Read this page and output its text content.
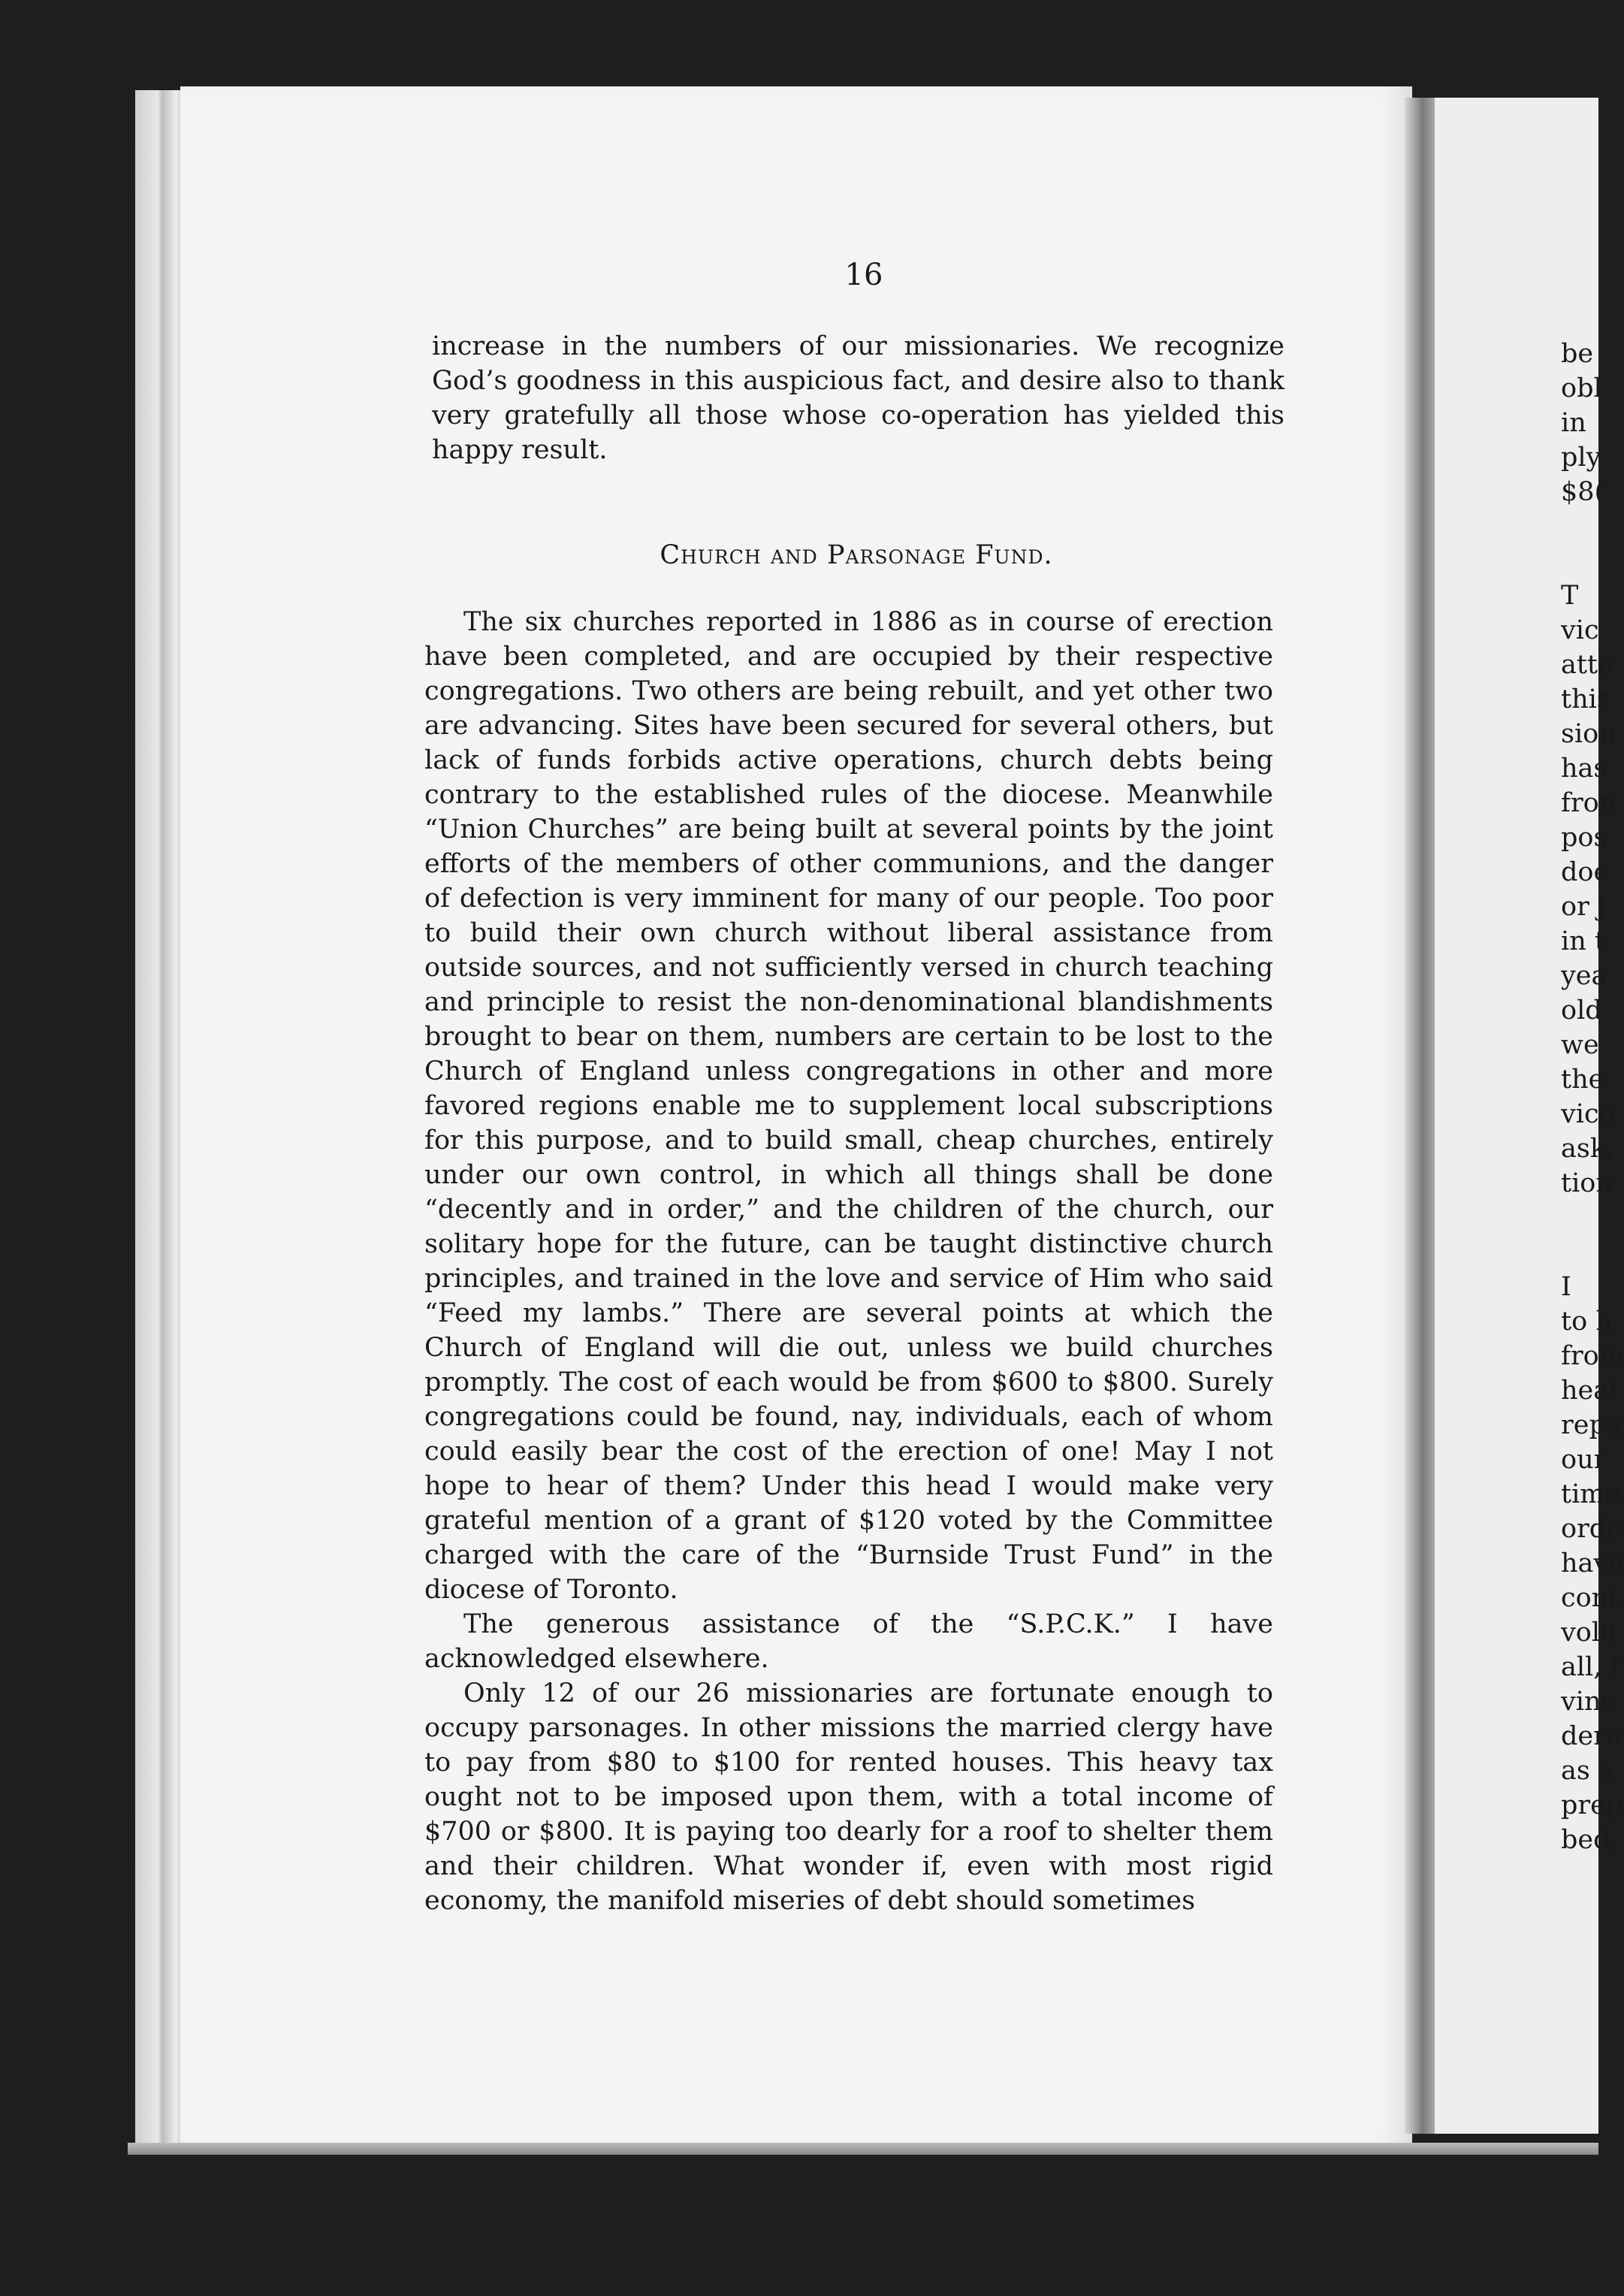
16

increase in the numbers of our missionaries. We recognize God’s goodness in this auspicious fact, and desire also to thank very gratefully all those whose co-operation has yielded this happy result.

Church and Parsonage Fund.

The six churches reported in 1886 as in course of erection have been completed, and are occupied by their respective congregations. Two others are being rebuilt, and yet other two are advancing. Sites have been secured for several others, but lack of funds forbids active operations, church debts being contrary to the established rules of the diocese. Meanwhile “Union Churches” are being built at several points by the joint efforts of the members of other communions, and the danger of defection is very imminent for many of our people. Too poor to build their own church without liberal assistance from outside sources, and not sufficiently versed in church teaching and principle to resist the non-denominational blandishments brought to bear on them, numbers are certain to be lost to the Church of England unless congregations in other and more favored regions enable me to supplement local subscriptions for this purpose, and to build small, cheap churches, entirely under our own control, in which all things shall be done “decently and in order,” and the children of the church, our solitary hope for the future, can be taught distinctive church principles, and trained in the love and service of Him who said “Feed my lambs.” There are several points at which the Church of England will die out, unless we build churches promptly. The cost of each would be from $600 to $800. Surely congregations could be found, nay, individuals, each of whom could easily bear the cost of the erection of one! May I not hope to hear of them? Under this head I would make very grateful mention of a grant of $120 voted by the Committee charged with the care of the “Burnside Trust Fund” in the diocese of Toronto.

The generous assistance of the “S.P.C.K.” I have acknowledged elsewhere.

Only 12 of our 26 missionaries are fortunate enough to occupy parsonages. In other missions the married clergy have to pay from $80 to $100 for rented houses. This heavy tax ought not to be imposed upon them, with a total income of $700 or $800. It is paying too dearly for a roof to shelter them and their children. What wonder if, even with most rigid economy, the manifold miseries of debt should sometimes

be
obl
in
ply
$8(
T
vic
atte
this
sion
has
fron
pos
doe
or j
in t
yea
old
we
the
vice
ask,
tion
I
to h
from
heal
repa
our
time
orde
have
cont
volu
all, f
vinc
dere
as a
prep
bed,
